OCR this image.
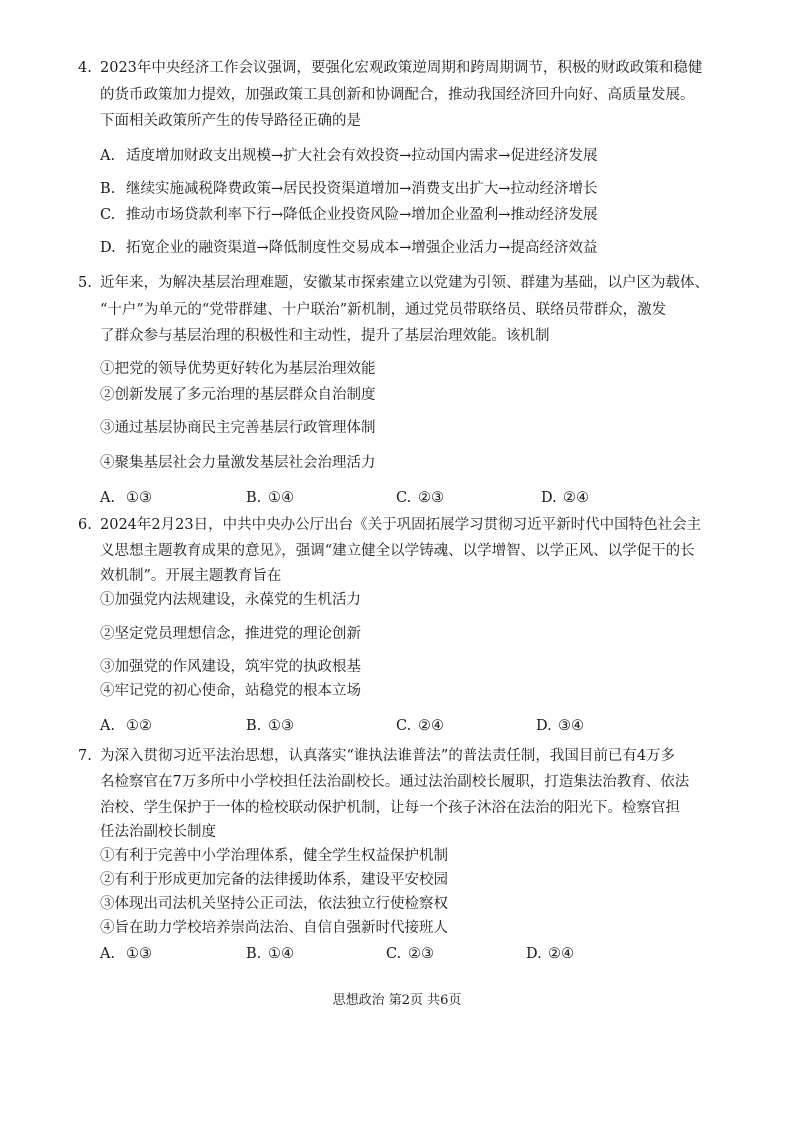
4. 2023年中央经济工作会议强调，要强化宏观政策逆周期和跨周期调节，积极的财政政策和稳健
的货币政策加力提效，加强政策工具创新和协调配合，推动我国经济回升向好、高质量发展。
下面相关政策所产生的传导路径正确的是
A. 适度增加财政支出规模→扩大社会有效投资→拉动国内需求→促进经济发展
B. 继续实施减税降费政策→居民投资渠道增加→消费支出扩大→拉动经济增长
C. 推动市场贷款利率下行→降低企业投资风险→增加企业盈利→推动经济发展
D. 拓宽企业的融资渠道→降低制度性交易成本→增强企业活力→提高经济效益
5. 近年来，为解决基层治理难题，安徽某市探索建立以党建为引领、群建为基础，以户区为载体、
“十户”为单元的“党带群建、十户联治”新机制，通过党员带联络员、联络员带群众，激发
了群众参与基层治理的积极性和主动性，提升了基层治理效能。该机制
①把党的领导优势更好转化为基层治理效能
②创新发展了多元治理的基层群众自治制度
③通过基层协商民主完善基层行政管理体制
④聚集基层社会力量激发基层社会治理活力
A. ①③	B. ①④	C. ②③	D. ②④
6. 2024年2月23日，中共中央办公厅出台《关于巩固拓展学习贯彻习近平新时代中国特色社会主
义思想主题教育成果的意见》，强调“建立健全以学铸魂、以学增智、以学正风、以学促干的长
效机制”。开展主题教育旨在
①加强党内法规建设，永葆党的生机活力
②坚定党员理想信念，推进党的理论创新
③加强党的作风建设，筑牢党的执政根基
④牢记党的初心使命，站稳党的根本立场
A. ①②	B. ①③	C. ②④	D. ③④
7. 为深入贯彻习近平法治思想，认真落实“谁执法谁普法”的普法责任制，我国目前已有4万多
名检察官在7万多所中小学校担任法治副校长。通过法治副校长履职，打造集法治教育、依法
治校、学生保护于一体的检校联动保护机制，让每一个孩子沐浴在法治的阳光下。检察官担
任法治副校长制度
①有利于完善中小学治理体系，健全学生权益保护机制
②有利于形成更加完备的法律援助体系，建设平安校园
③体现出司法机关坚持公正司法，依法独立行使检察权
④旨在助力学校培养崇尚法治、自信自强新时代接班人
A. ①③	B. ①④	C. ②③	D. ②④
思想政治 第2页 共6页
